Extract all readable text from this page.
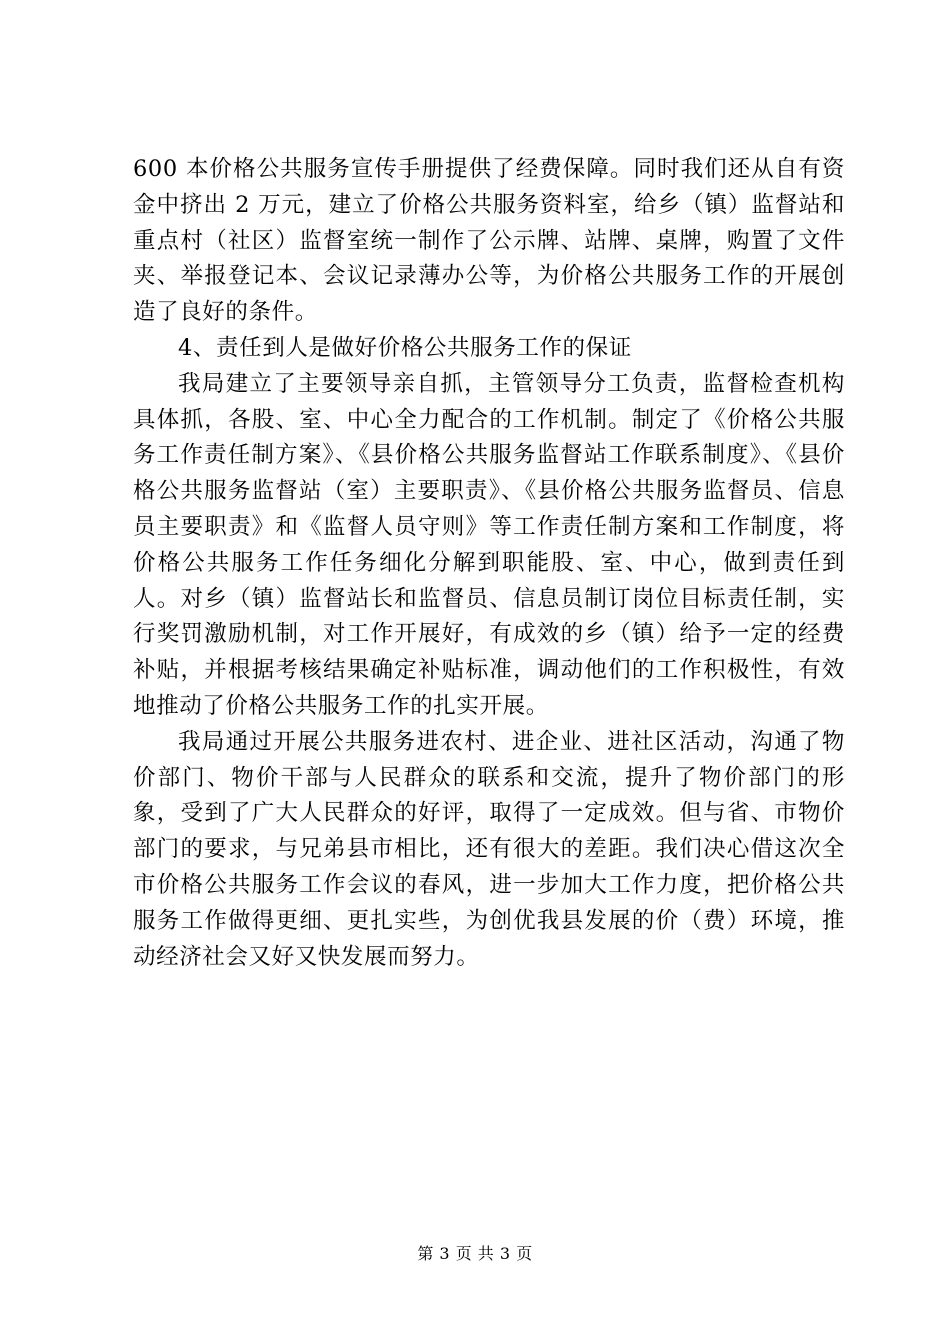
600 本价格公共服务宣传手册提供了经费保障。同时我们还从自有资金中挤出 2 万元，建立了价格公共服务资料室，给乡（镇）监督站和重点村（社区）监督室统一制作了公示牌、站牌、桌牌，购置了文件夹、举报登记本、会议记录薄办公等，为价格公共服务工作的开展创造了良好的条件。

4、责任到人是做好价格公共服务工作的保证

我局建立了主要领导亲自抓，主管领导分工负责，监督检查机构具体抓，各股、室、中心全力配合的工作机制。制定了《价格公共服务工作责任制方案》、《县价格公共服务监督站工作联系制度》、《县价格公共服务监督站（室）主要职责》、《县价格公共服务监督员、信息员主要职责》和《监督人员守则》等工作责任制方案和工作制度，将价格公共服务工作任务细化分解到职能股、室、中心，做到责任到人。对乡（镇）监督站长和监督员、信息员制订岗位目标责任制，实行奖罚激励机制，对工作开展好，有成效的乡（镇）给予一定的经费补贴，并根据考核结果确定补贴标准，调动他们的工作积极性，有效地推动了价格公共服务工作的扎实开展。

我局通过开展公共服务进农村、进企业、进社区活动，沟通了物价部门、物价干部与人民群众的联系和交流，提升了物价部门的形象，受到了广大人民群众的好评，取得了一定成效。但与省、市物价部门的要求，与兄弟县市相比，还有很大的差距。我们决心借这次全市价格公共服务工作会议的春风，进一步加大工作力度，把价格公共服务工作做得更细、更扎实些，为创优我县发展的价（费）环境，推动经济社会又好又快发展而努力。

第 3 页 共 3 页
